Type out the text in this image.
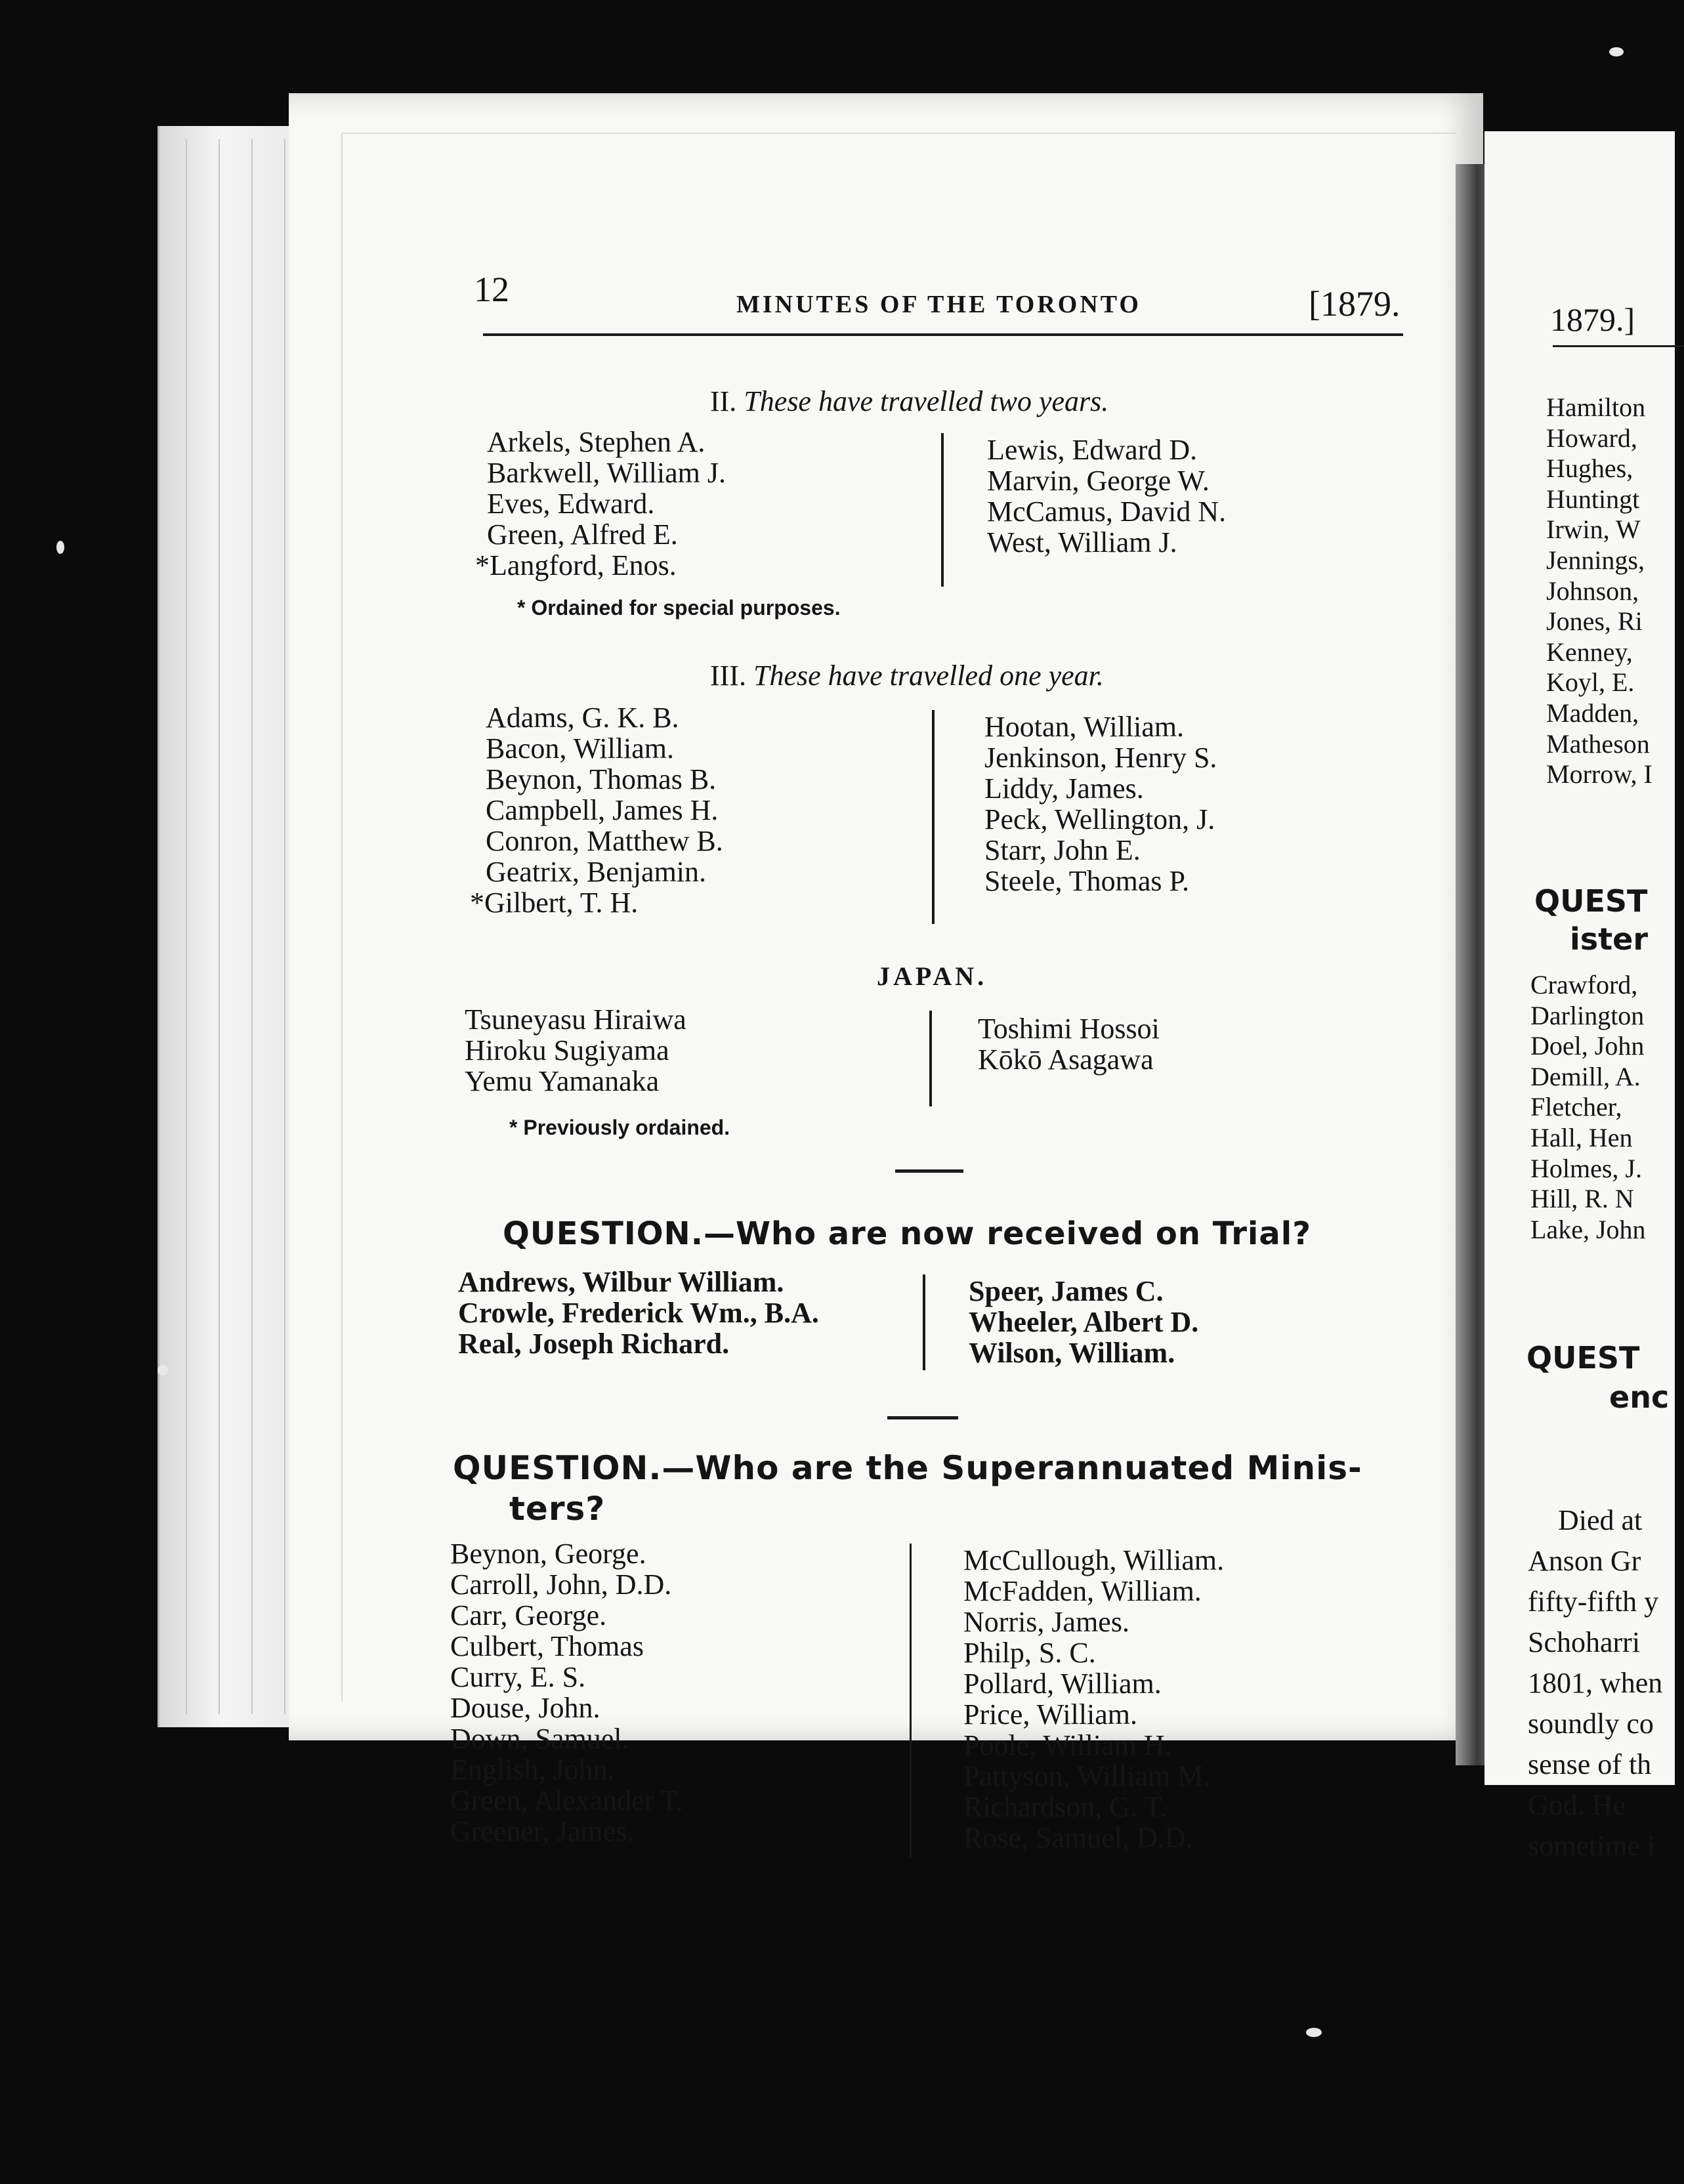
12	MINUTES OF THE TORONTO	[1879.
II. These have travelled two years.

Arkels, Stephen A.

Barkwell, William J.

Eves, Edward.

Green, Alfred E.

*Langford, Enos.

Lewis, Edward D.

Marvin, George W.

McCamus, David N.

West, William J.

* Ordained for special purposes.
III. These have travelled one year.

Adams, G. K. B.

Bacon, William.

Beynon, Thomas B.

Campbell, James H.

Conron, Matthew B.

Geatrix, Benjamin.

*Gilbert, T. H.

Hootan, William.

Jenkinson, Henry S.

Liddy, James.

Peck, Wellington, J.

Starr, John E.

Steele, Thomas P.

JAPAN.

Tsuneyasu Hiraiwa

Hiroku Sugiyama

Yemu Yamanaka

Toshimi Hossoi

Kōkō Asagawa

* Previously ordained.
QUESTION.—Who are now received on Trial?

Andrews, Wilbur William.

Crowle, Frederick Wm., B.A.

Real, Joseph Richard.

Speer, James C.

Wheeler, Albert D.

Wilson, William.

QUESTION.—Who are the Superannuated Minis-
ters?

Beynon, George.

Carroll, John, D.D.

Carr, George.

Culbert, Thomas

Curry, E. S.

Douse, John.

Down, Samuel.

English, John.

Green, Alexander T.

Greener, James.

McCullough, William.

McFadden, William.

Norris, James.

Philp, S. C.

Pollard, William.

Price, William.

Poole, William H.

Pattyson, William M.

Richardson, G. T.

Rose, Samuel, D.D.

1879.]

Hamilton

Howard,

Hughes,

Huntingt

Irwin, W

Jennings,

Johnson,

Jones, Ri

Kenney,

Koyl, E.

Madden,

Matheson

Morrow, I

QUEST
ister

Crawford,

Darlington

Doel, John

Demill, A.

Fletcher,

Hall, Hen

Holmes, J.

Hill, R. N

Lake, John

QUEST
enc

Died at

Anson Gr

fifty-fifth y

Schoharri

1801, when

soundly co

sense of th

God. He

sometime i
